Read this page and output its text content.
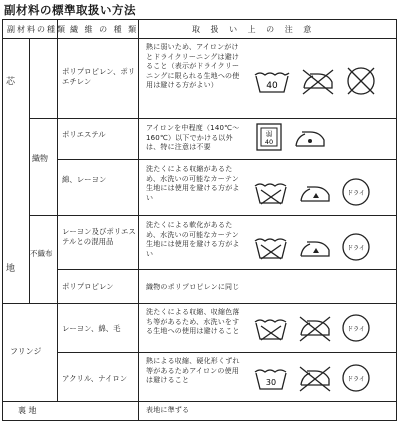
副材料の標準取扱い方法
副材料の種類 繊 維 の 種 類	取 扱 い 上 の 注 意
芯
地
織物
不織布
フリンジ
裏 地
ポリプロピレン、ポリエチレン
ポリエステル
綿、レーヨン
レーヨン及びポリエステルとの混用品
ポリプロピレン
レーヨン、綿、毛
アクリル、ナイロン
熱に弱いため、アイロンがけとドライクリーニングは避けること（表示がドライクリーニングに限られる生地への使用は避ける方がよい）
アイロンを中程度（140℃～160℃）以下でかける以外は、特に注意は不要
洗たくによる収縮があるため、水洗いの可能なカーテン生地には使用を避ける方がよい
洗たくによる軟化があるため、水洗いの可能なカーテン生地には使用を避ける方がよい
織物のポリプロピレンに同じ
洗たくによる収縮、収縮色落ち等があるため、水洗いをする生地への使用は避けること
熱による収縮、硬化形くずれ等があるためアイロンの使用は避けること
表地に準ずる
40
弱
40
ドライ
ドライ
ドライ
30	ドライ
